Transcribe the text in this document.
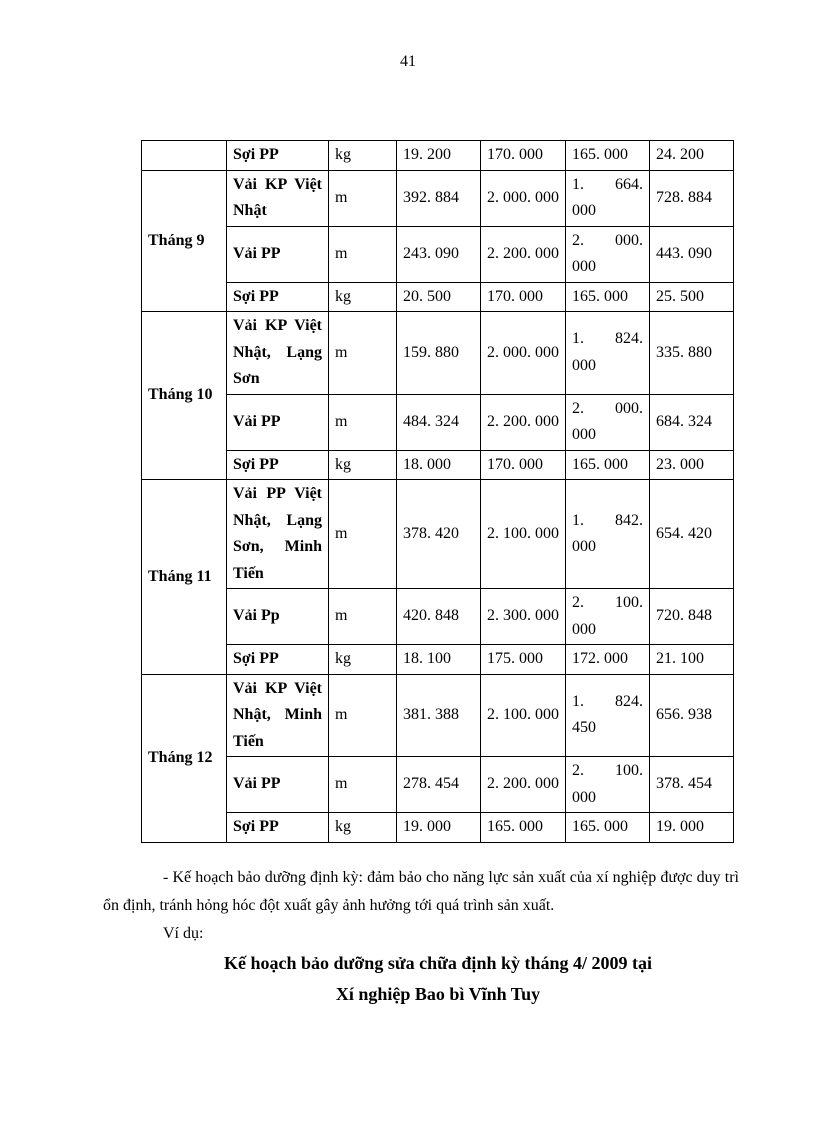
41
	Sợi PP	kg	19. 200	170. 000	165. 000	24. 200
Tháng 9	Vải KP Việt Nhật	m	392. 884	2. 000. 000	1. 664. 000	728. 884
	Vải PP	m	243. 090	2. 200. 000	2. 000. 000	443. 090
	Sợi PP	kg	20. 500	170. 000	165. 000	25. 500
Tháng 10	Vải KP Việt Nhật, Lạng Sơn	m	159. 880	2. 000. 000	1. 824. 000	335. 880
	Vải PP	m	484. 324	2. 200. 000	2. 000. 000	684. 324
	Sợi PP	kg	18. 000	170. 000	165. 000	23. 000
Tháng 11	Vải PP Việt Nhật, Lạng Sơn, Minh Tiến	m	378. 420	2. 100. 000	1. 842. 000	654. 420
	Vải Pp	m	420. 848	2. 300. 000	2. 100. 000	720. 848
	Sợi PP	kg	18. 100	175. 000	172. 000	21. 100
Tháng 12	Vải KP Việt Nhật, Minh Tiến	m	381. 388	2. 100. 000	1. 824. 450	656. 938
	Vải PP	m	278. 454	2. 200. 000	2. 100. 000	378. 454
	Sợi PP	kg	19. 000	165. 000	165. 000	19. 000
- Kế hoạch bảo dưỡng định kỳ: đảm bảo cho năng lực sản xuất của xí nghiệp được duy trì ổn định, tránh hỏng hóc đột xuất gây ảnh hưởng tới quá trình sản xuất.
Ví dụ:
Kế hoạch bảo dưỡng sửa chữa định kỳ tháng 4/ 2009 tại
Xí nghiệp Bao bì Vĩnh Tuy
